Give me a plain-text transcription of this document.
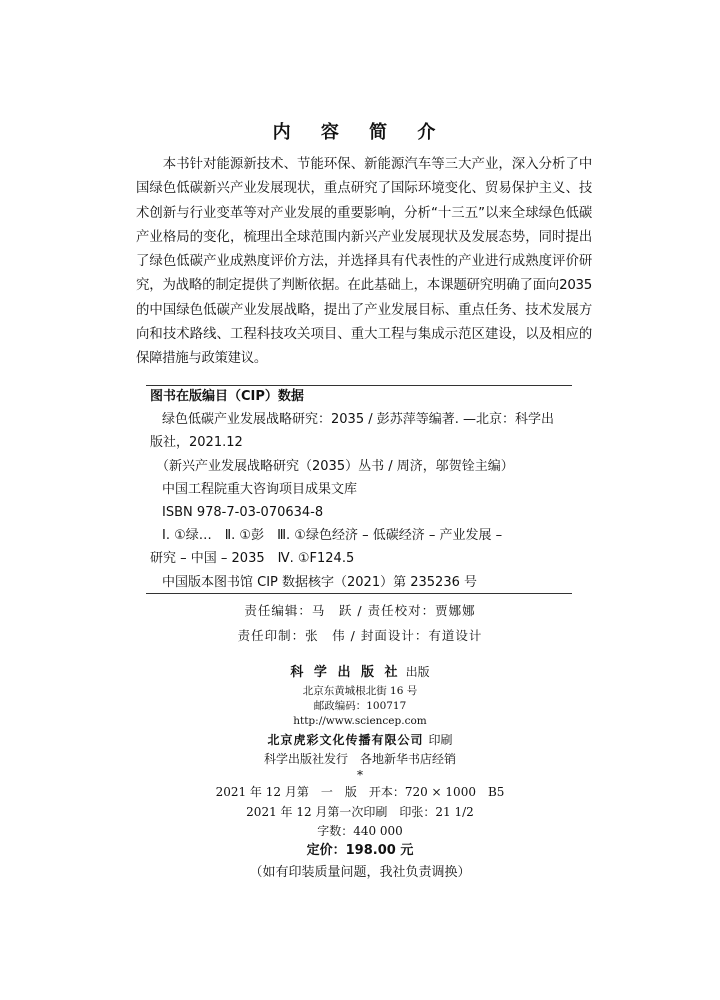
内 容 简 介

本书针对能源新技术、节能环保、新能源汽车等三大产业，深入分析了中国绿色低碳新兴产业发展现状，重点研究了国际环境变化、贸易保护主义、技术创新与行业变革等对产业发展的重要影响，分析“十三五”以来全球绿色低碳产业格局的变化，梳理出全球范围内新兴产业发展现状及发展态势，同时提出了绿色低碳产业成熟度评价方法，并选择具有代表性的产业进行成熟度评价研究，为战略的制定提供了判断依据。在此基础上，本课题研究明确了面向2035的中国绿色低碳产业发展战略，提出了产业发展目标、重点任务、技术发展方向和技术路线、工程科技攻关项目、重大工程与集成示范区建设，以及相应的保障措施与政策建议。

图书在版编目（CIP）数据
绿色低碳产业发展战略研究：2035 / 彭苏萍等编著. —北京：科学出
版社，2021.12
（新兴产业发展战略研究（2035）丛书 / 周济，邬贺铨主编）
中国工程院重大咨询项目成果文库
ISBN 978-7-03-070634-8
Ⅰ. ①绿…　Ⅱ. ①彭　Ⅲ. ①绿色经济 – 低碳经济 – 产业发展 –
研究 – 中国 – 2035　Ⅳ. ①F124.5
中国版本图书馆 CIP 数据核字（2021）第 235236 号
责任编辑：马　跃 / 责任校对：贾娜娜
责任印制：张　伟 / 封面设计：有道设计
科 学 出 版 社 出版
北京东黄城根北街 16 号
邮政编码：100717
http://www.sciencep.com
北京虎彩文化传播有限公司 印刷
科学出版社发行　各地新华书店经销
*
2021 年 12 月第　一　版　开本：720 × 1000　B5
2021 年 12 月第一次印刷　印张：21 1/2
字数：440 000
定价：198.00 元
（如有印装质量问题，我社负责调换）
